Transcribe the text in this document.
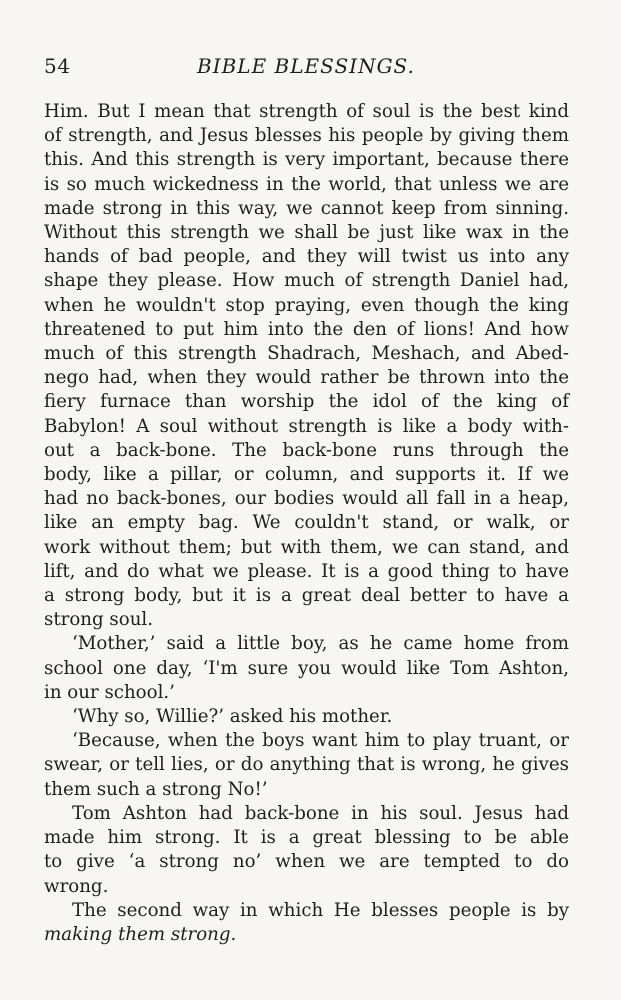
54	BIBLE BLESSINGS.
Him. But I mean that strength of soul is the best kind
of strength, and Jesus blesses his people by giving them
this. And this strength is very important, because there
is so much wickedness in the world, that unless we are
made strong in this way, we cannot keep from sinning.
Without this strength we shall be just like wax in the
hands of bad people, and they will twist us into any
shape they please. How much of strength Daniel had,
when he wouldn't stop praying, even though the king
threatened to put him into the den of lions! And how
much of this strength Shadrach, Meshach, and Abed-
nego had, when they would rather be thrown into the
fiery furnace than worship the idol of the king of
Babylon! A soul without strength is like a body with-
out a back-bone. The back-bone runs through the
body, like a pillar, or column, and supports it. If we
had no back-bones, our bodies would all fall in a heap,
like an empty bag. We couldn't stand, or walk, or
work without them; but with them, we can stand, and
lift, and do what we please. It is a good thing to have
a strong body, but it is a great deal better to have a
strong soul.
‘Mother,’ said a little boy, as he came home from
school one day, ‘I'm sure you would like Tom Ashton,
in our school.’
‘Why so, Willie?’ asked his mother.
‘Because, when the boys want him to play truant, or
swear, or tell lies, or do anything that is wrong, he gives
them such a strong No!’
Tom Ashton had back-bone in his soul. Jesus had
made him strong. It is a great blessing to be able
to give ‘a strong no’ when we are tempted to do
wrong.
The second way in which He blesses people is by
making them strong.
